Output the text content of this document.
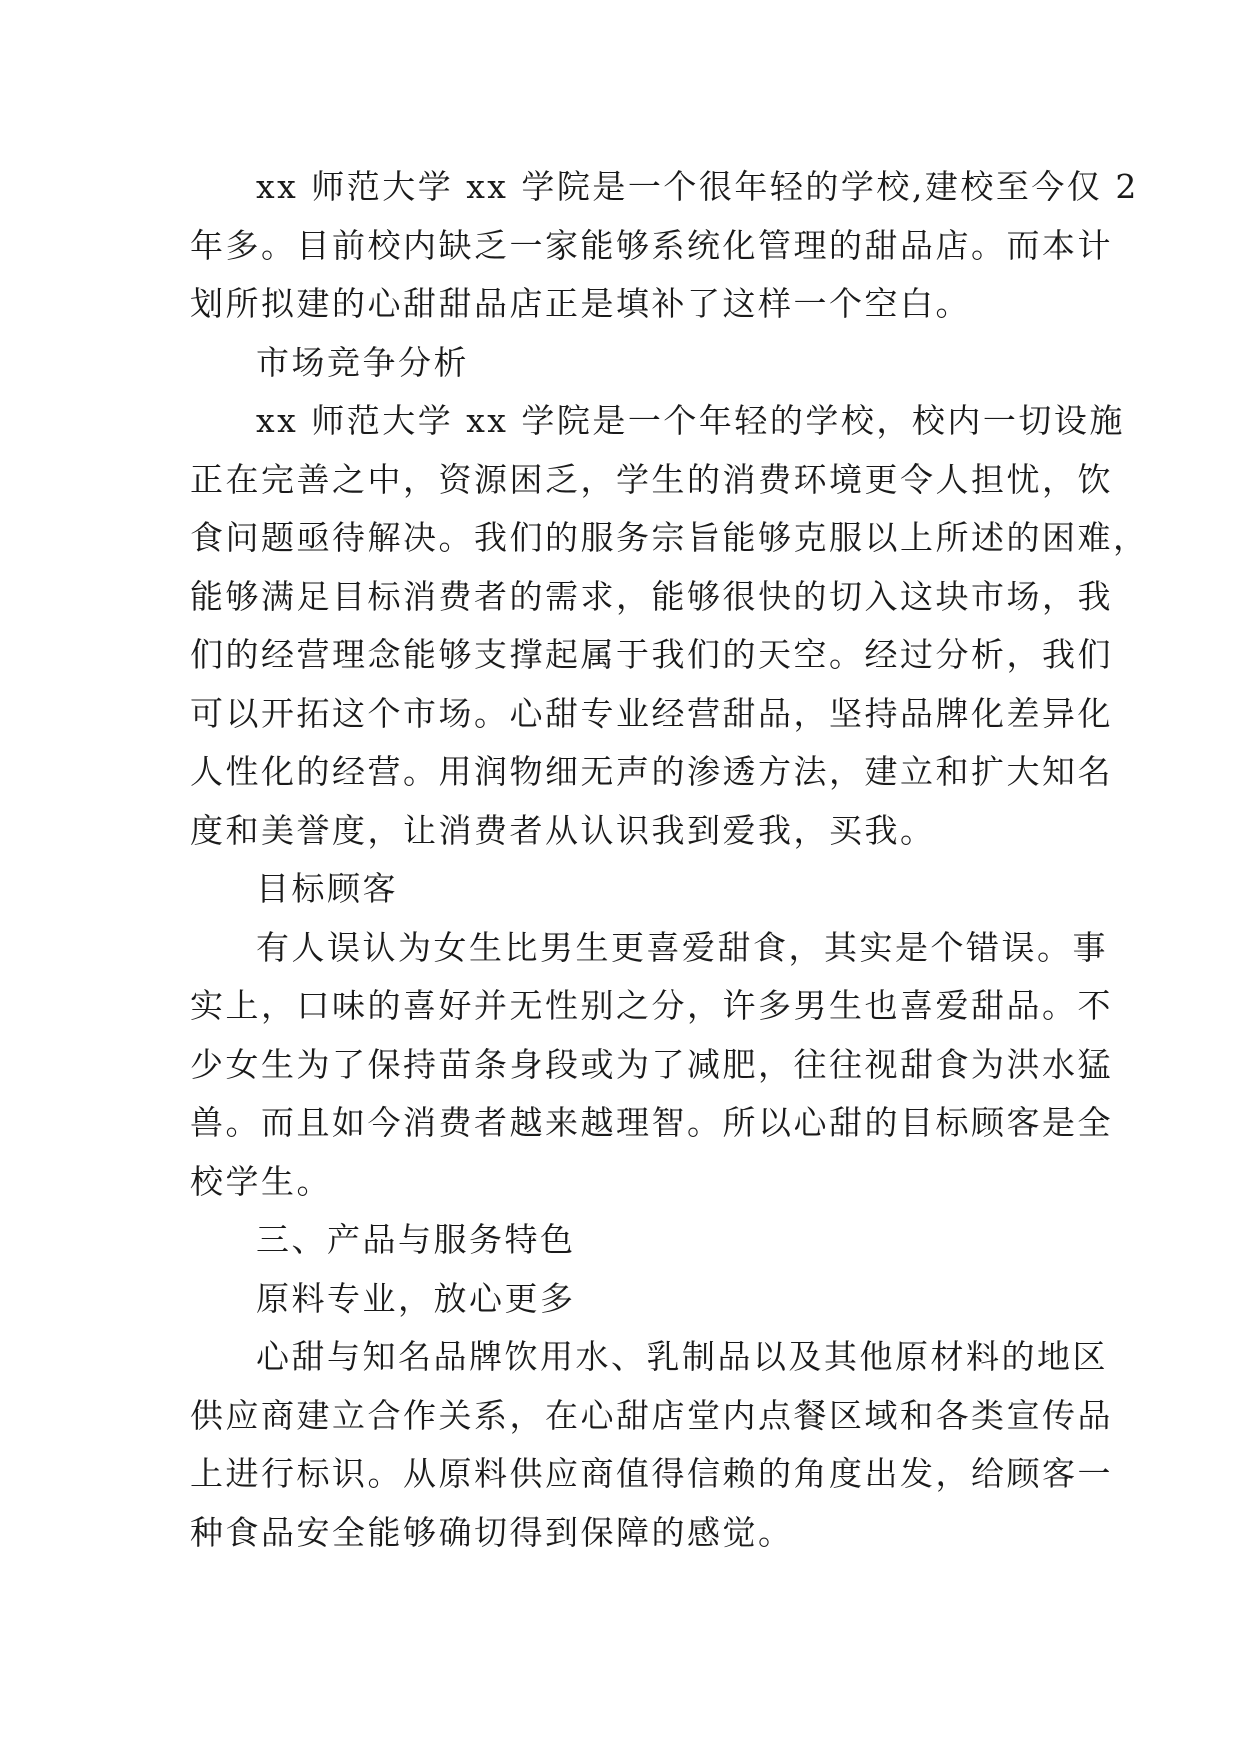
xx 师范大学 xx 学院是一个很年轻的学校,建校至今仅 2
年多。目前校内缺乏一家能够系统化管理的甜品店。而本计
划所拟建的心甜甜品店正是填补了这样一个空白。
市场竞争分析
xx 师范大学 xx 学院是一个年轻的学校，校内一切设施
正在完善之中，资源困乏，学生的消费环境更令人担忧，饮
食问题亟待解决。我们的服务宗旨能够克服以上所述的困难，
能够满足目标消费者的需求，能够很快的切入这块市场，我
们的经营理念能够支撑起属于我们的天空。经过分析，我们
可以开拓这个市场。心甜专业经营甜品，坚持品牌化差异化
人性化的经营。用润物细无声的渗透方法，建立和扩大知名
度和美誉度，让消费者从认识我到爱我，买我。
目标顾客
有人误认为女生比男生更喜爱甜食，其实是个错误。事
实上，口味的喜好并无性别之分，许多男生也喜爱甜品。不
少女生为了保持苗条身段或为了减肥，往往视甜食为洪水猛
兽。而且如今消费者越来越理智。所以心甜的目标顾客是全
校学生。
三、产品与服务特色
原料专业，放心更多
心甜与知名品牌饮用水、乳制品以及其他原材料的地区
供应商建立合作关系，在心甜店堂内点餐区域和各类宣传品
上进行标识。从原料供应商值得信赖的角度出发，给顾客一
种食品安全能够确切得到保障的感觉。
